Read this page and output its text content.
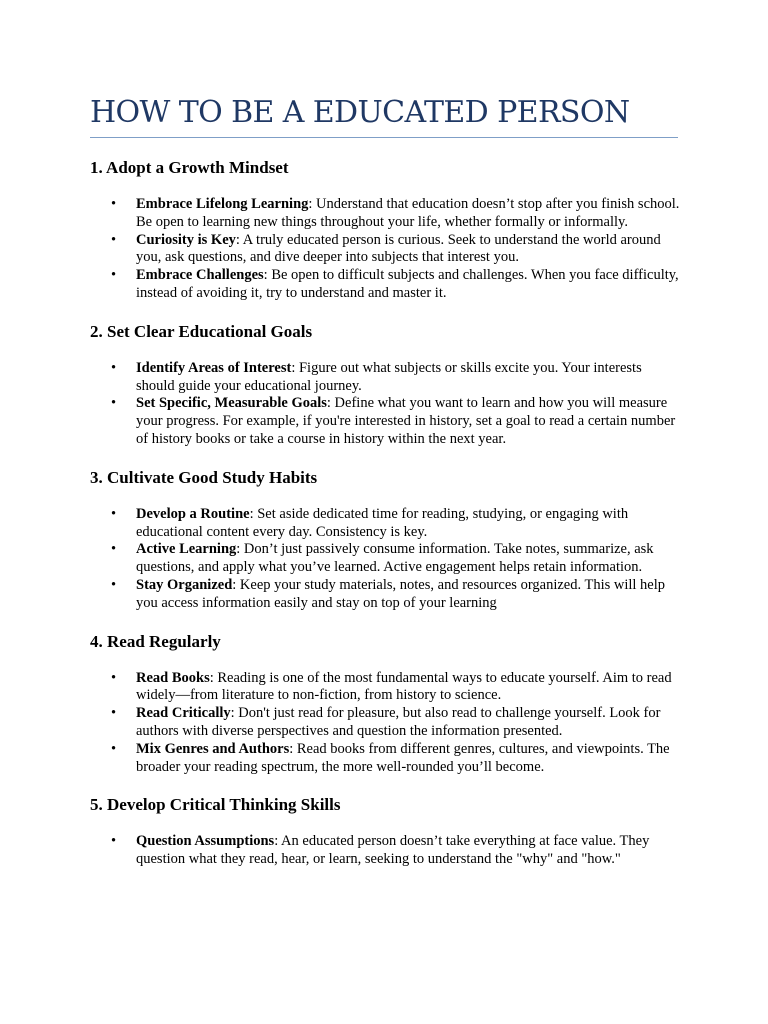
HOW TO BE A EDUCATED PERSON
1. Adopt a Growth Mindset
• Embrace Lifelong Learning: Understand that education doesn’t stop after you finish school. Be open to learning new things throughout your life, whether formally or informally.
• Curiosity is Key: A truly educated person is curious. Seek to understand the world around you, ask questions, and dive deeper into subjects that interest you.
• Embrace Challenges: Be open to difficult subjects and challenges. When you face difficulty, instead of avoiding it, try to understand and master it.
2. Set Clear Educational Goals
• Identify Areas of Interest: Figure out what subjects or skills excite you. Your interests should guide your educational journey.
• Set Specific, Measurable Goals: Define what you want to learn and how you will measure your progress. For example, if you're interested in history, set a goal to read a certain number of history books or take a course in history within the next year.
3. Cultivate Good Study Habits
• Develop a Routine: Set aside dedicated time for reading, studying, or engaging with educational content every day. Consistency is key.
• Active Learning: Don’t just passively consume information. Take notes, summarize, ask questions, and apply what you’ve learned. Active engagement helps retain information.
• Stay Organized: Keep your study materials, notes, and resources organized. This will help you access information easily and stay on top of your learning
4. Read Regularly
• Read Books: Reading is one of the most fundamental ways to educate yourself. Aim to read widely—from literature to non-fiction, from history to science.
• Read Critically: Don't just read for pleasure, but also read to challenge yourself. Look for authors with diverse perspectives and question the information presented.
• Mix Genres and Authors: Read books from different genres, cultures, and viewpoints. The broader your reading spectrum, the more well-rounded you’ll become.
5. Develop Critical Thinking Skills
• Question Assumptions: An educated person doesn’t take everything at face value. They question what they read, hear, or learn, seeking to understand the "why" and "how."
